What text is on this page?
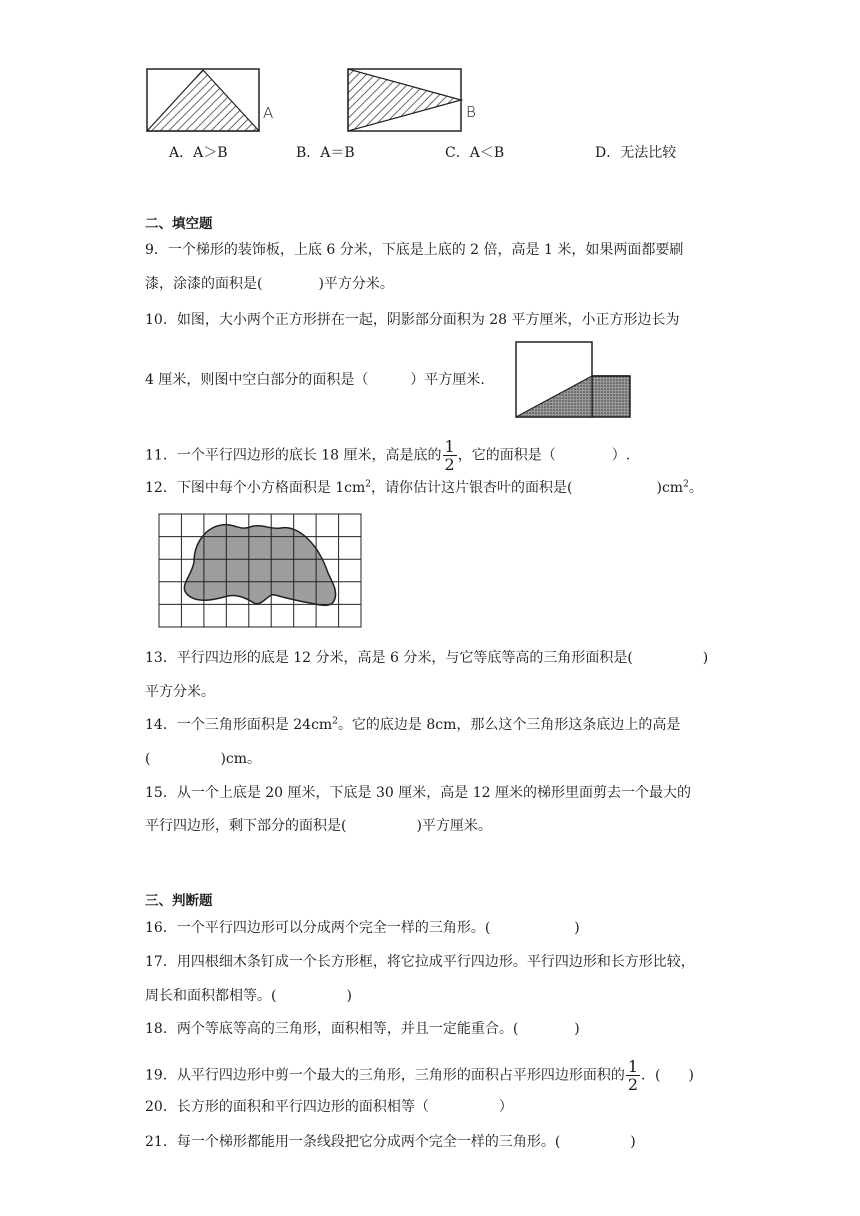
A	B
A．A＞B	B．A＝B	C．A＜B	D．无法比较
二、填空题
9．一个梯形的装饰板，上底 6 分米，下底是上底的 2 倍，高是 1 米，如果两面都要刷
漆，涂漆的面积是(　　　　)平方分米。
10．如图，大小两个正方形拼在一起，阴影部分面积为 28 平方厘米，小正方形边长为
4 厘米，则图中空白部分的面积是（　　　）平方厘米.
11．一个平行四边形的底长 18 厘米，高是底的 $\frac{1}{2}$ ，它的面积是（　　　　）.
12．下图中每个小方格面积是 $1cm^2$，请你估计这片银杏叶的面积是(　　　　　　)$cm^2$。
13．平行四边形的底是 12 分米，高是 6 分米，与它等底等高的三角形面积是(　　　　　)
平方分米。
14．一个三角形面积是 $24cm^2$。它的底边是 8cm，那么这个三角形这条底边上的高是
(　　　　　)cm。
15．从一个上底是 20 厘米，下底是 30 厘米，高是 12 厘米的梯形里面剪去一个最大的
平行四边形，剩下部分的面积是(　　　　　)平方厘米。
三、判断题
16．一个平行四边形可以分成两个完全一样的三角形。(　　　　　　)
17．用四根细木条钉成一个长方形框，将它拉成平行四边形。平行四边形和长方形比较，
周长和面积都相等。(　　　　　)
18．两个等底等高的三角形，面积相等，并且一定能重合。(　　　　)
19．从平行四边形中剪一个最大的三角形，三角形的面积占平形四边形面积的 $\frac{1}{2}$ ．(　　)
20．长方形的面积和平行四边形的面积相等（　　　　　）
21．每一个梯形都能用一条线段把它分成两个完全一样的三角形。(　　　　　)
